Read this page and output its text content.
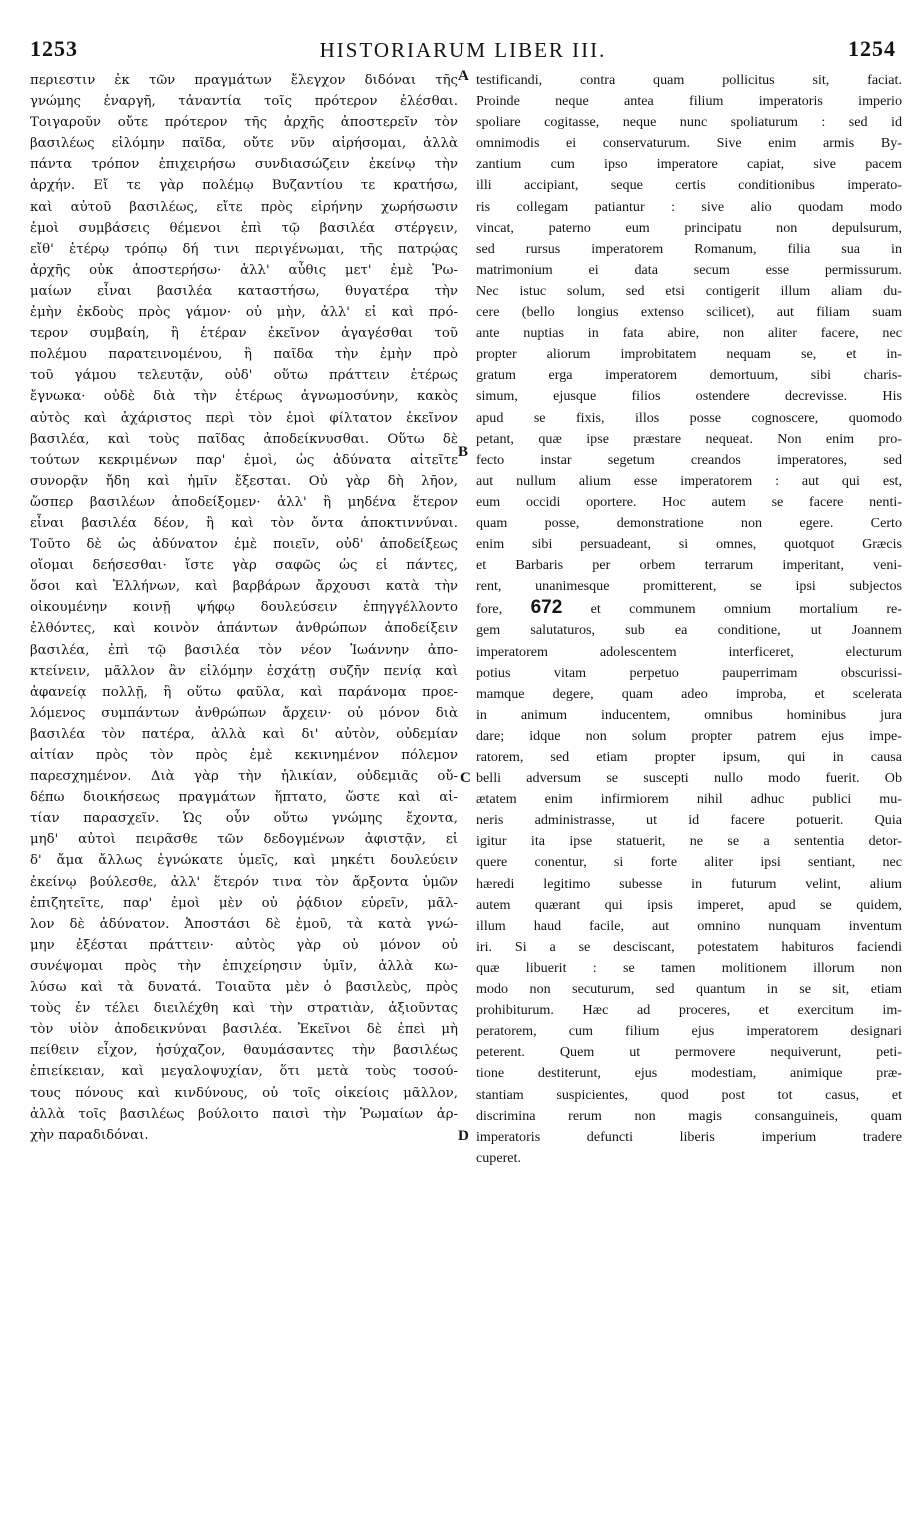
1253	HISTORIARUM LIBER III.	1254
περιεστιν ἐκ τῶν πραγμάτων ἔλεγχον διδόναι τῆς
γνώμης ἐναργῆ, τἀναντία τοῖς πρότερον ἐλέσθαι.
Τοιγαροῦν οὔτε πρότερον τῆς ἀρχῆς ἀποστερεῖν τὸν
βασιλέως εἱλόμην παῖδα, οὔτε νῦν αἱρήσομαι, ἀλλὰ
πάντα τρόπον ἐπιχειρήσω συνδιασώζειν ἐκείνῳ τὴν
ἀρχήν. Εἴ τε γὰρ πολέμῳ Βυζαντίου τε κρατήσω,
καὶ αὐτοῦ βασιλέως, εἴτε πρὸς εἰρήνην χωρήσωσιν
ἐμοὶ συμβάσεις θέμενοι ἐπὶ τῷ βασιλέα στέργειν,
εἴθ' ἑτέρῳ τρόπῳ δή τινι περιγένωμαι, τῆς πατρῴας
ἀρχῆς οὐκ ἀποστερήσω· ἀλλ' αὖθις μετ' ἐμὲ Ῥω-
μαίων εἶναι βασιλέα καταστήσω, θυγατέρα τὴν
ἐμὴν ἐκδοὺς πρὸς γάμον· οὐ μὴν, ἀλλ' εἰ καὶ πρό-
τερον συμβαίη, ἢ ἑτέραν ἐκεῖνον ἀγαγέσθαι τοῦ
πολέμου παρατεινομένου, ἢ παῖδα τὴν ἐμὴν πρὸ
τοῦ γάμου τελευτᾷν, οὐδ' οὕτω πράττειν ἑτέρως
ἔγνωκα· οὐδὲ διὰ τὴν ἑτέρως ἀγνωμοσύνην, κακὸς
αὐτὸς καὶ ἀχάριστος περὶ τὸν ἐμοὶ φίλτατον ἐκεῖνον
βασιλέα, καὶ τοὺς παῖδας ἀποδείκνυσθαι. Οὕτω δὲ
τούτων κεκριμένων παρ' ἐμοὶ, ὡς ἀδύνατα αἰτεῖτε
συνορᾷν ἤδη καὶ ἡμῖν ἔξεσται. Οὐ γὰρ δὴ λῆον,
ὥσπερ βασιλέων ἀποδείξομεν· ἀλλ' ἢ μηδένα ἕτερον
εἶναι βασιλέα δέον, ἢ καὶ τὸν ὄντα ἀποκτιννύναι.
Τοῦτο δὲ ὡς ἀδύνατον ἐμὲ ποιεῖν, οὐδ' ἀποδείξεως
οἴομαι δεήσεσθαι· ἴστε γὰρ σαφῶς ὡς εἰ πάντες,
ὅσοι καὶ Ἑλλήνων, καὶ βαρβάρων ἄρχουσι κατὰ τὴν
οἰκουμένην κοινῇ ψήφῳ δουλεύσειν ἐπηγγέλλοντο
ἐλθόντες, καὶ κοινὸν ἁπάντων ἀνθρώπων ἀποδείξειν
βασιλέα, ἐπὶ τῷ βασιλέα τὸν νέον Ἰωάννην ἀπο-
κτείνειν, μᾶλλον ἂν εἱλόμην ἐσχάτῃ συζῆν πενίᾳ καὶ
ἀφανείᾳ πολλῇ, ἢ οὕτω φαῦλα, καὶ παράνομα προε-
λόμενος συμπάντων ἀνθρώπων ἄρχειν· οὐ μόνον διὰ
βασιλέα τὸν πατέρα, ἀλλὰ καὶ δι' αὐτὸν, οὐδεμίαν
αἰτίαν πρὸς τὸν πρὸς ἐμὲ κεκινημένον πόλεμον
παρεσχημένον. Διὰ γὰρ τὴν ἡλικίαν, οὐδεμιᾶς οὔ-
δέπω διοικήσεως πραγμάτων ἥπτατο, ὥστε καὶ αἰ-
τίαν παρασχεῖν. Ὡς οὖν οὕτω γνώμης ἔχοντα,
μηδ' αὐτοὶ πειρᾶσθε τῶν δεδογμένων ἀφιστᾷν, εἰ
δ' ἄμα ἄλλως ἐγνώκατε ὑμεῖς, καὶ μηκέτι δουλεύειν
ἐκείνῳ βούλεσθε, ἀλλ' ἕτερόν τινα τὸν ἄρξοντα ὑμῶν
ἐπιζητεῖτε, παρ' ἐμοὶ μὲν οὐ ῥᾴδιον εὑρεῖν, μᾶλ-
λον δὲ ἀδύνατον. Ἀποστάσι δὲ ἐμοῦ, τὰ κατὰ γνώ-
μην ἐξέσται πράττειν· αὐτὸς γὰρ οὐ μόνον οὐ
συνέψομαι πρὸς τὴν ἐπιχείρησιν ὑμῖν, ἀλλὰ κω-
λύσω καὶ τὰ δυνατά. Τοιαῦτα μὲν ὁ βασιλεὺς, πρὸς
τοὺς ἐν τέλει διειλέχθη καὶ τὴν στρατιὰν, ἀξιοῦντας
τὸν υἱὸν ἀποδεικνύναι βασιλέα. Ἐκεῖνοι δὲ ἐπεὶ μὴ
πείθειν εἶχον, ἡσύχαζον, θαυμάσαντες τὴν βασιλέως
ἐπιείκειαν, καὶ μεγαλοψυχίαν, ὅτι μετὰ τοὺς τοσού-
τους πόνους καὶ κινδύνους, οὐ τοῖς οἰκείοις μᾶλλον,
ἀλλὰ τοῖς βασιλέως βούλοιτο παισὶ τὴν Ῥωμαίων ἀρ-
χὴν παραδιδόναι.
testificandi, contra quam pollicitus sit, faciat.
Proinde neque antea filium imperatoris imperio
spoliare cogitasse, neque nunc spoliaturum : sed id
omnimodis ei conservaturum. Sive enim armis By-
zantium cum ipso imperatore capiat, sive pacem
illi accipiant, seque certis conditionibus imperato-
ris collegam patiantur : sive alio quodam modo
vincat, paterno eum principatu non depulsurum,
sed rursus imperatorem Romanum, filia sua in
matrimonium ei data secum esse permissurum.
Nec istuc solum, sed etsi contigerit illum aliam du-
cere (bello longius extenso scilicet), aut filiam suam
ante nuptias in fata abire, non aliter facere, nec
propter aliorum improbitatem nequam se, et in-
gratum erga imperatorem demortuum, sibi charis-
simum, ejusque filios ostendere decrevisse. His
apud se fixis, illos posse cognoscere, quomodo
petant, quæ ipse præstare nequeat. Non enim pro-
fecto instar segetum creandos imperatores, sed
aut nullum alium esse imperatorem : aut qui est,
eum occidi oportere. Hoc autem se facere nenti-
quam posse, demonstratione non egere. Certo
enim sibi persuadeant, si omnes, quotquot Græcis
et Barbaris per orbem terrarum imperitant, veni-
rent, unanimesque promitterent, se ipsi subjectos
fore, 672 et communem omnium mortalium re-
gem salutaturos, sub ea conditione, ut Joannem
imperatorem adolescentem interficeret, electurum
potius vitam perpetuo pauperrimam obscurissi-
mamque degere, quam adeo improba, et scelerata
in animum inducentem, omnibus hominibus jura
dare; idque non solum propter patrem ejus impe-
ratorem, sed etiam propter ipsum, qui in causa
belli adversum se suscepti nullo modo fuerit. Ob
ætatem enim infirmiorem nihil adhuc publici mu-
neris administrasse, ut id facere potuerit. Quia
igitur ita ipse statuerit, ne se a sententia detor-
quere conentur, si forte aliter ipsi sentiant, nec
hæredi legitimo subesse in futurum velint, alium
autem quærant qui ipsis imperet, apud se quidem,
illum haud facile, aut omnino nunquam inventum
iri. Si a se desciscant, potestatem habituros faciendi
quæ libuerit : se tamen molitionem illorum non
modo non secuturum, sed quantum in se sit, etiam
prohibiturum. Hæc ad proceres, et exercitum im-
peratorem, cum filium ejus imperatorem designari
peterent. Quem ut permovere nequiverunt, peti-
tione destiterunt, ejus modestiam, animique præ-
stantiam suspicientes, quod post tot casus, et
discrimina rerum non magis consanguineis, quam
imperatoris defuncti liberis imperium tradere
cuperet.
A
B
C
D
